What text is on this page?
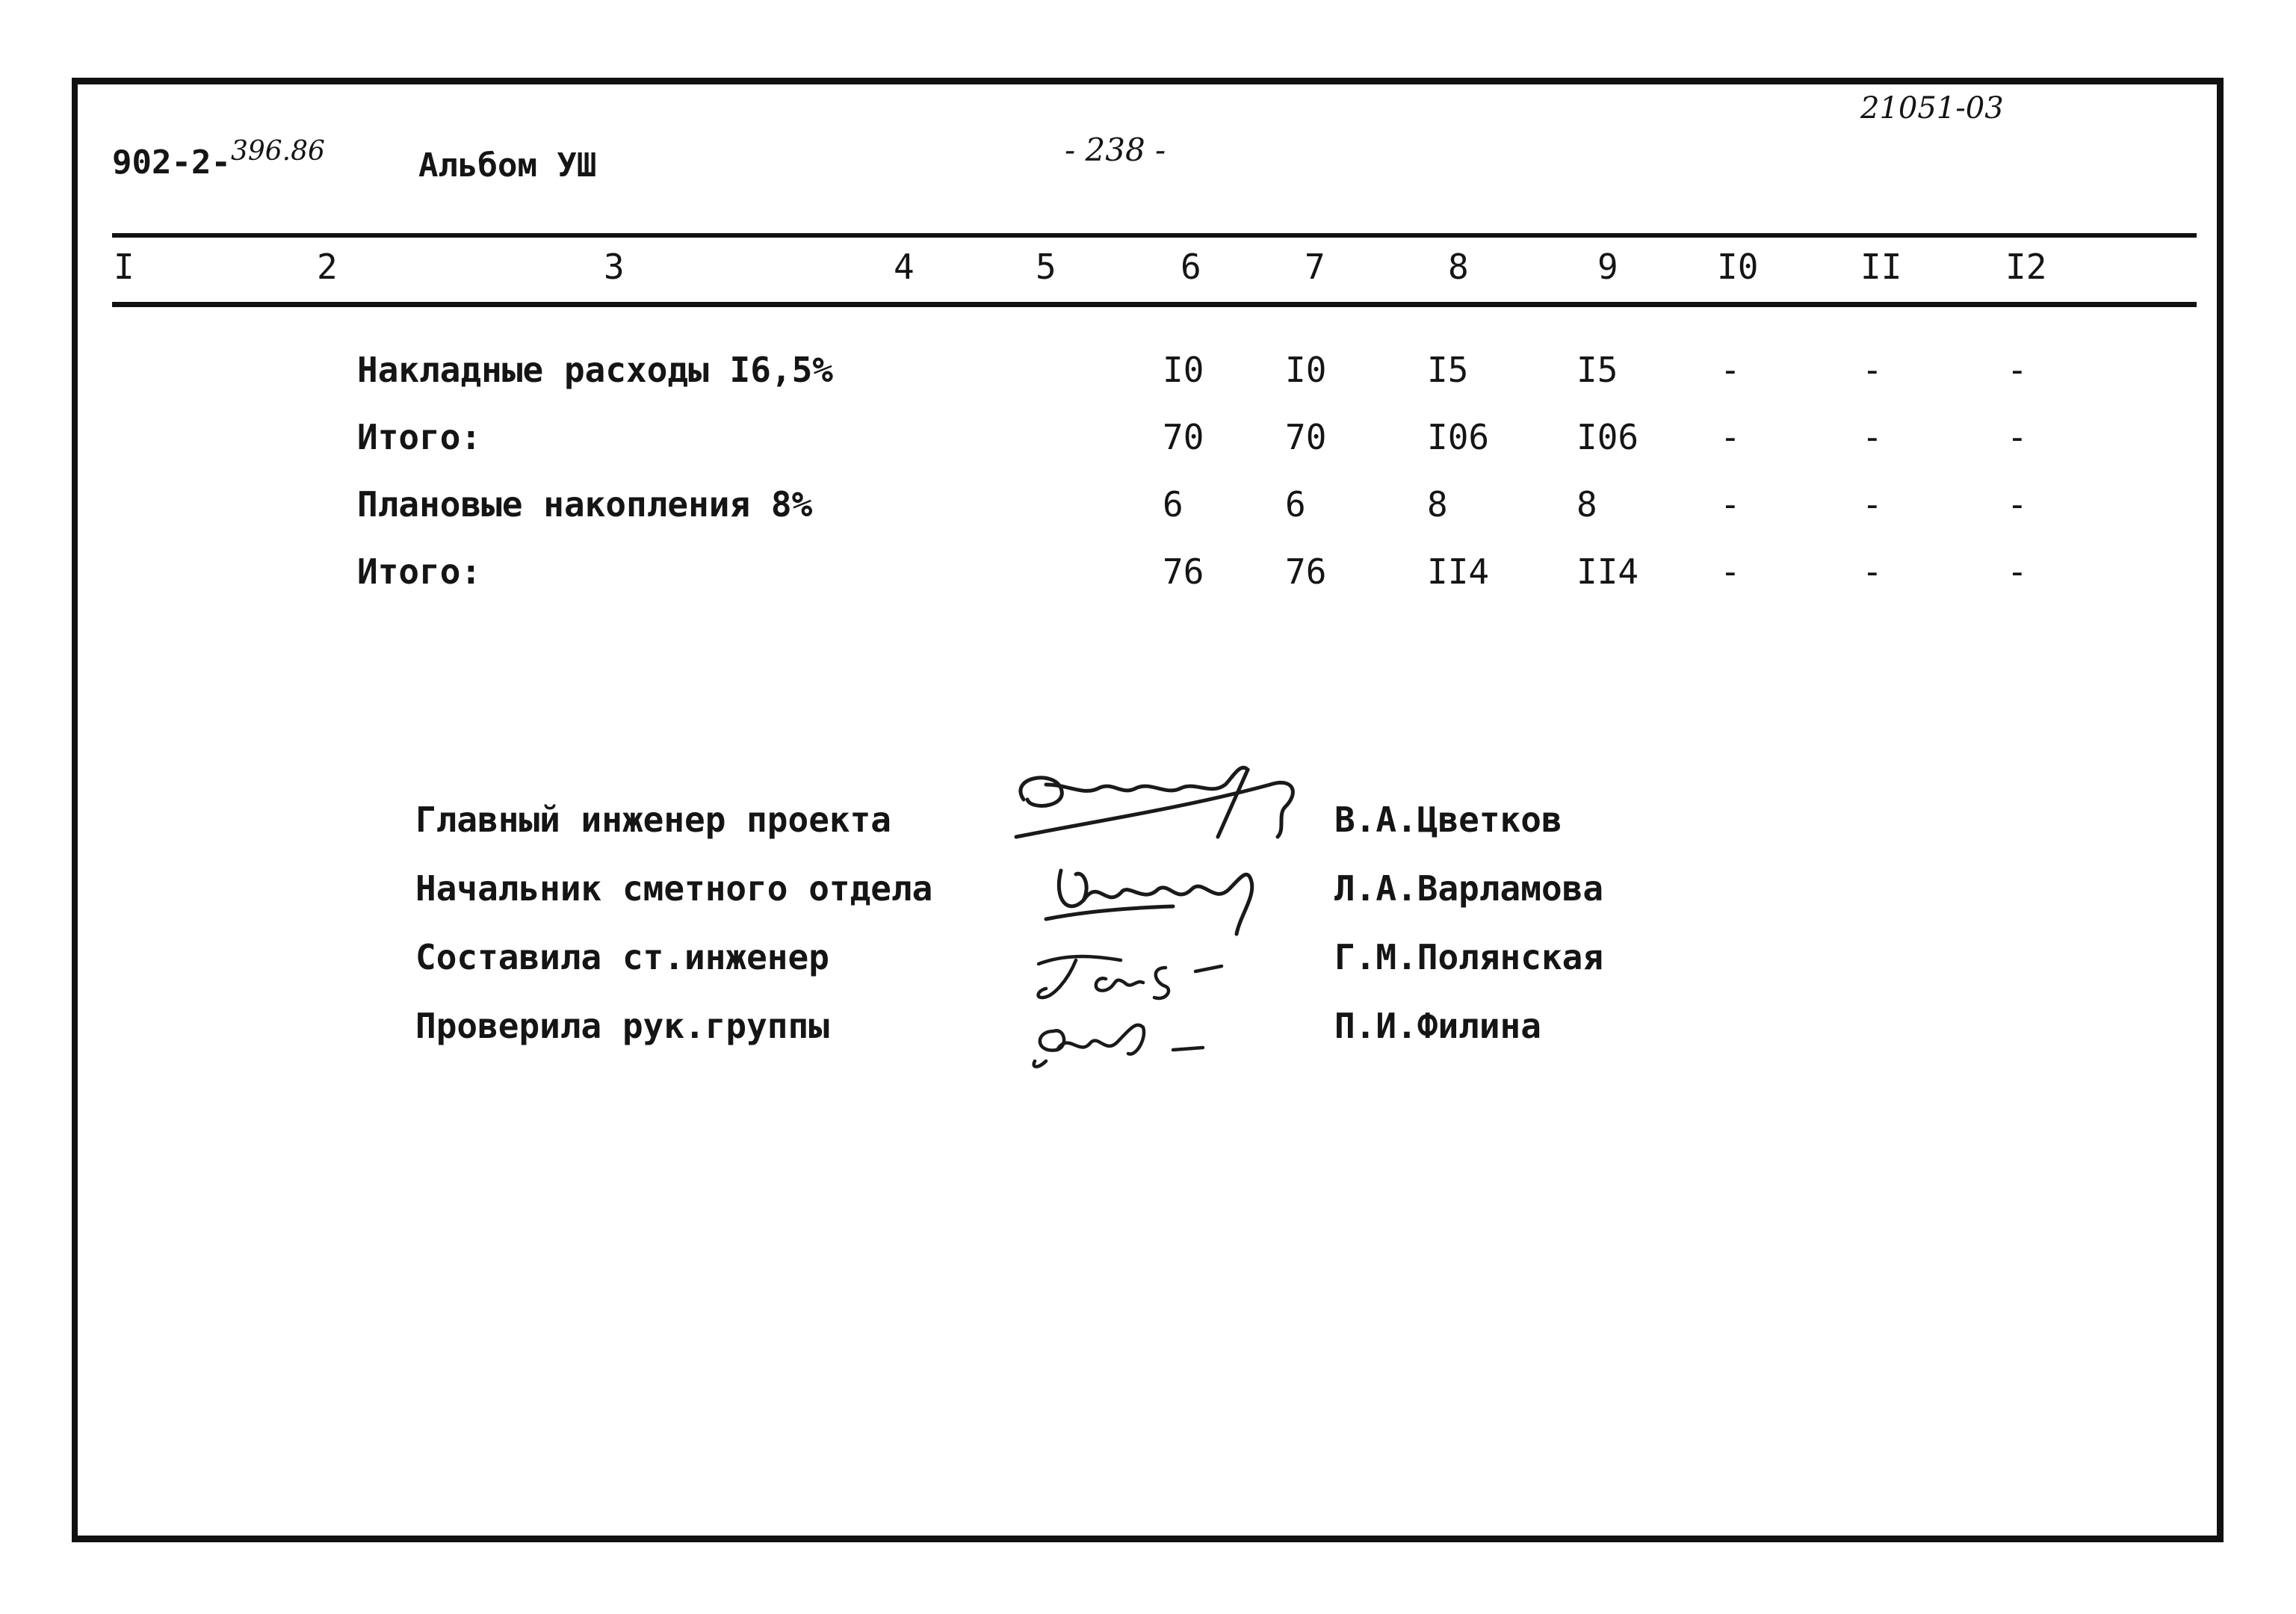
902-2-$^{396.86}$	Альбом УШ	- 238 -
21051-03
I	2	3	4	5	6	7	8	9	I0	II	I2
Накладные расходы I6,5%	I0 I0	I5	I5	-	-	-
Итого:	70 70	I06	I06 -	-	-
Плановые накопления 8%	6	6	8	8	-	-	-
Итого:	76 76	II4	II4 -	-	-
Главный инженер проекта	В.А.Цветков
Начальник сметного отдела	Л.А.Варламова
Составила ст.инженер	Г.М.Полянская
Проверила рук.группы	П.И.Филина
